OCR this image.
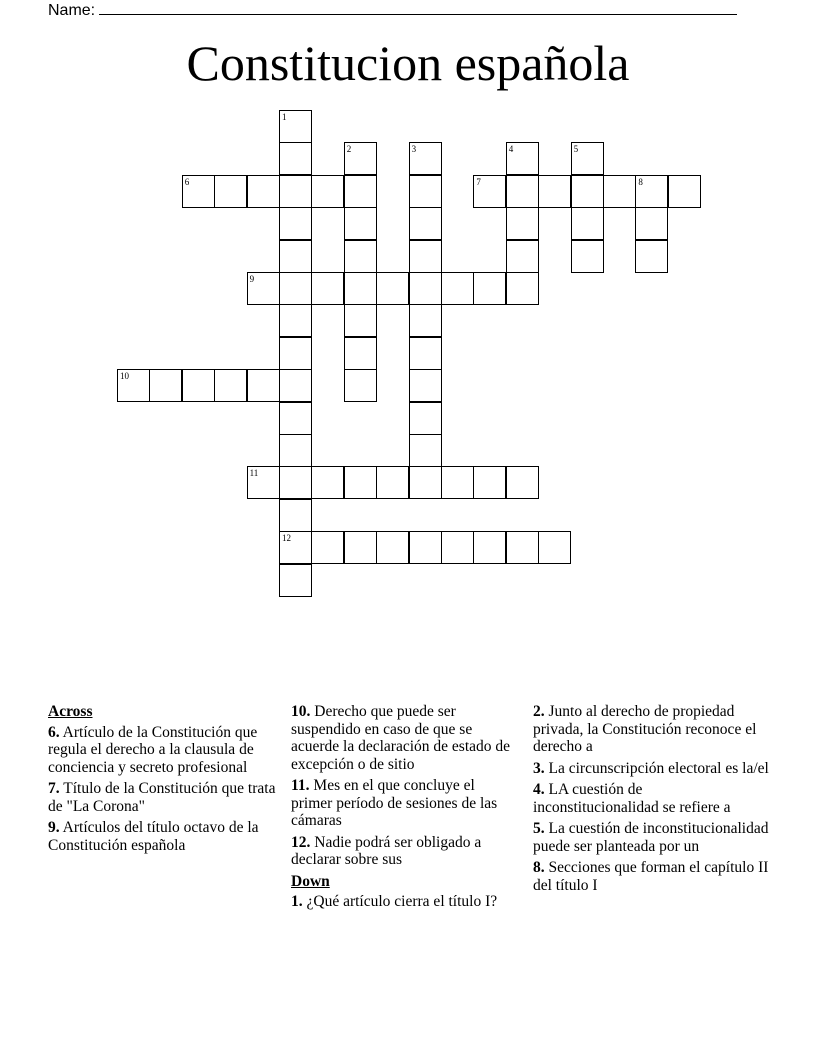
Name:
Constitucion española
1
12
2	3	4	5
8
6	7
9
10
11
Across
6. Artículo de la Constitución que regula el derecho a la clausula de conciencia y secreto profesional
7. Título de la Constitución que trata de "La Corona"
9. Artículos del título octavo de la Constitución española
10. Derecho que puede ser suspendido en caso de que se acuerde la declaración de estado de excepción o de sitio
11. Mes en el que concluye el primer período de sesiones de las cámaras
12. Nadie podrá ser obligado a declarar sobre sus
Down
1. ¿Qué artículo cierra el título I?
2. Junto al derecho de propiedad privada, la Constitución reconoce el derecho a
3. La circunscripción electoral es la/el
4. LA cuestión de inconstitucionalidad se refiere a
5. La cuestión de inconstitucionalidad puede ser planteada por un
8. Secciones que forman el capítulo II del título I
